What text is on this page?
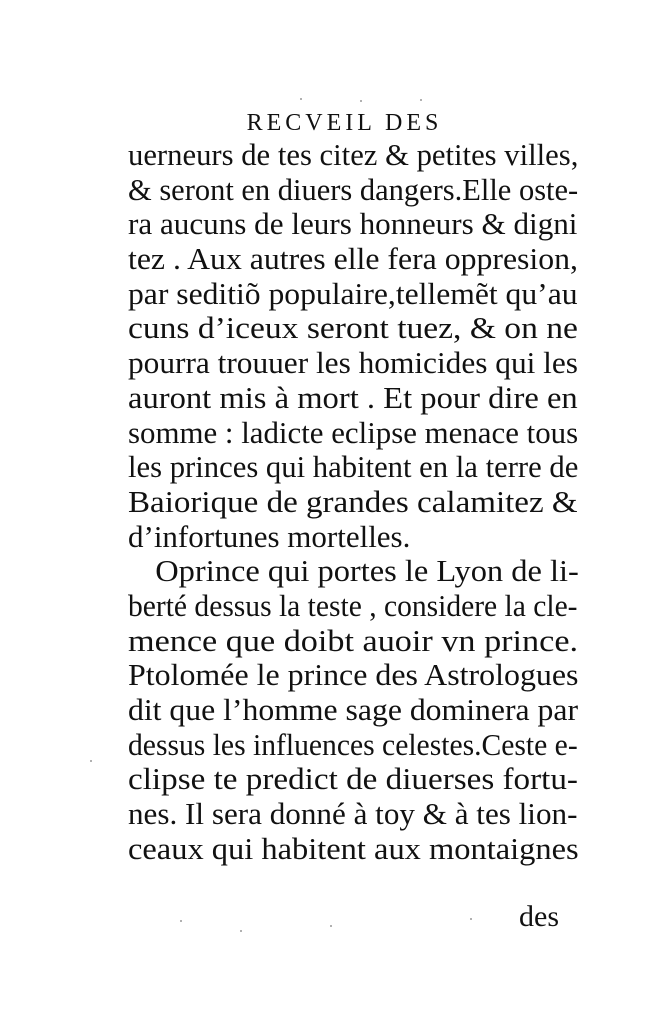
RECVEIL DES
uerneurs de tes citez & petites villes,
& seront en diuers dangers.Elle oste-
ra aucuns de leurs honneurs & digni
tez . Aux autres elle fera oppresion,
par seditiõ populaire,tellemẽt qu’au
cuns d’iceux seront tuez, & on ne
pourra trouuer les homicides qui les
auront mis à mort . Et pour dire en
somme : ladicte eclipse menace tous
les princes qui habitent en la terre de
Baiorique de grandes calamitez &
d’infortunes mortelles.
Oprince qui portes le Lyon de li-
berté dessus la teste , considere la cle-
mence que doibt auoir vn prince.
Ptolomée le prince des Astrologues
dit que l’homme sage dominera par
dessus les influences celestes.Ceste e-
clipse te predict de diuerses fortu-
nes. Il sera donné à toy & à tes lion-
ceaux qui habitent aux montaignes
des
